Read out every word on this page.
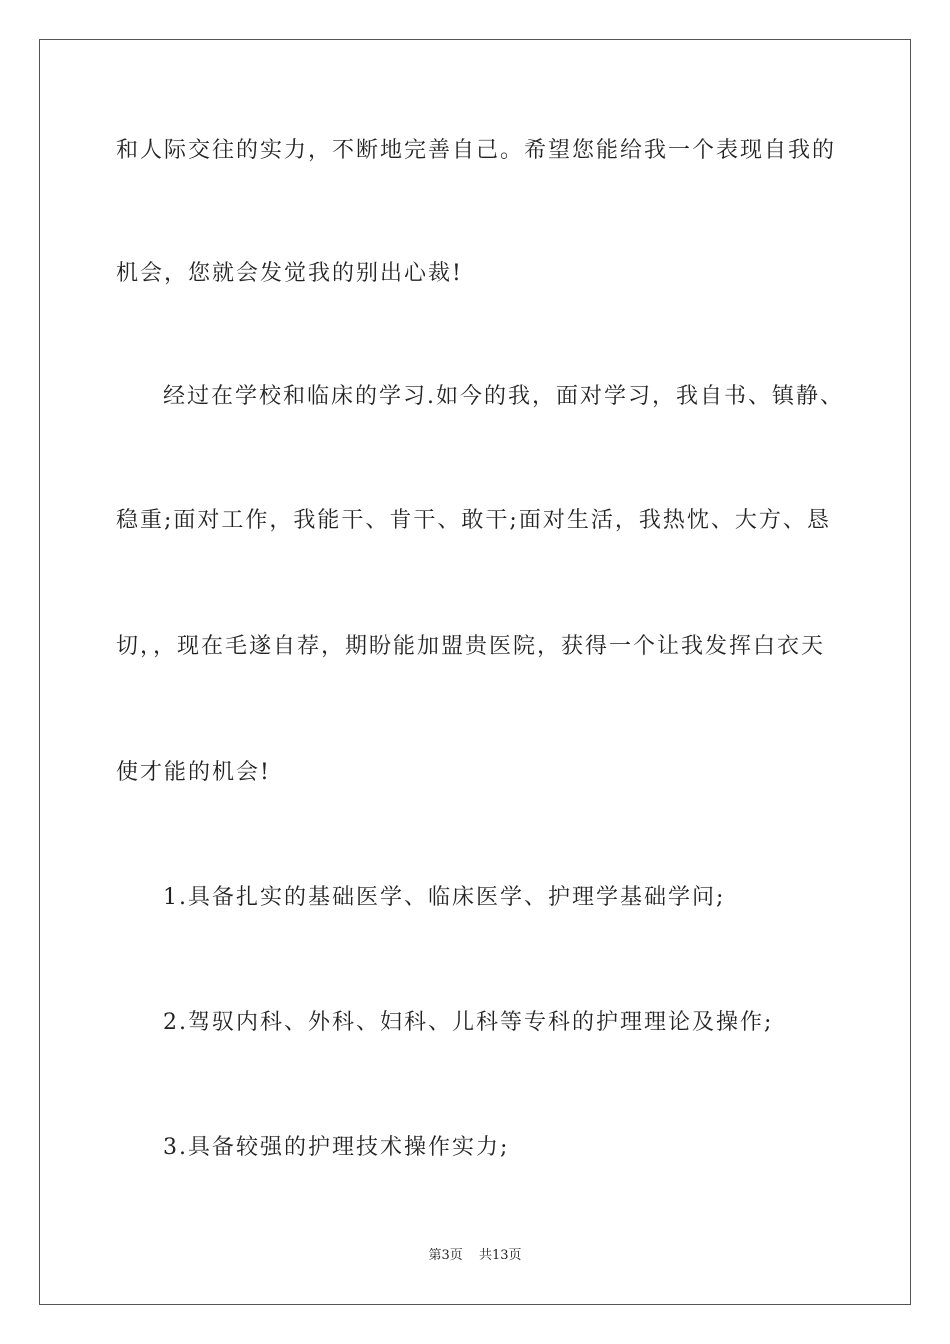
和人际交往的实力，不断地完善自己。希望您能给我一个表现自我的
机会，您就会发觉我的别出心裁!
经过在学校和临床的学习.如今的我，面对学习，我自书、镇静、
稳重;面对工作，我能干、肯干、敢干;面对生活，我热忱、大方、恳
切，，现在毛遂自荐，期盼能加盟贵医院，获得一个让我发挥白衣天
使才能的机会!
1.具备扎实的基础医学、临床医学、护理学基础学问;
2.驾驭内科、外科、妇科、儿科等专科的护理理论及操作;
3.具备较强的护理技术操作实力;
第3页 共13页
